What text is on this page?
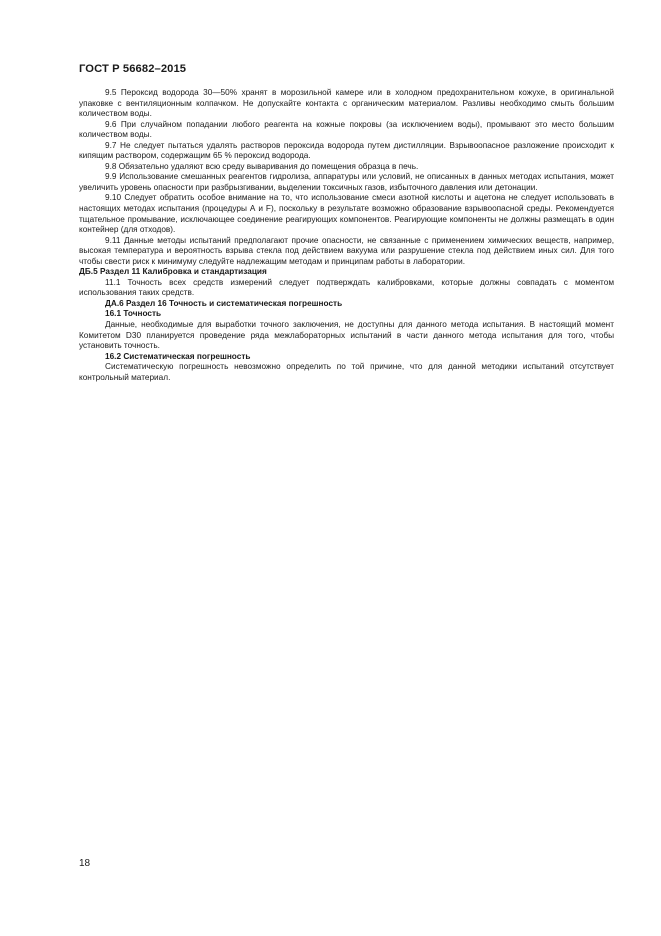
ГОСТ Р 56682–2015

9.5 Пероксид водорода 30—50% хранят в морозильной камере или в холодном предохранительном кожухе, в оригинальной упаковке с вентиляционным колпачком. Не допускайте контакта с органическим материалом. Разливы необходимо смыть большим количеством воды.

9.6 При случайном попадании любого реагента на кожные покровы (за исключением воды), промывают это место большим количеством воды.

9.7 Не следует пытаться удалять растворов пероксида водорода путем дистилляции. Взрывоопасное разложение происходит к кипящим раствором, содержащим 65 % пероксид водорода.

9.8 Обязательно удаляют всю среду вываривания до помещения образца в печь.

9.9 Использование смешанных реагентов гидролиза, аппаратуры или условий, не описанных в данных методах испытания, может увеличить уровень опасности при разбрызгивании, выделении токсичных газов, избыточного давления или детонации.

9.10 Следует обратить особое внимание на то, что использование смеси азотной кислоты и ацетона не следует использовать в настоящих методах испытания (процедуры А и F), поскольку в результате возможно образование взрывоопасной среды. Рекомендуется тщательное промывание, исключающее соединение реагирующих компонентов. Реагирующие компоненты не должны размещать в один контейнер (для отходов).

9.11 Данные методы испытаний предполагают прочие опасности, не связанные с применением химических веществ, например, высокая температура и вероятность взрыва стекла под действием вакуума или разрушение стекла под действием иных сил. Для того чтобы свести риск к минимуму следуйте надлежащим методам и принципам работы в лаборатории.

ДБ.5 Раздел 11 Калибровка и стандартизация

11.1 Точность всех средств измерений следует подтверждать калибровками, которые должны совпадать с моментом использования таких средств.

ДА.6 Раздел 16 Точность и систематическая погрешность

16.1 Точность

Данные, необходимые для выработки точного заключения, не доступны для данного метода испытания. В настоящий момент Комитетом D30 планируется проведение ряда межлабораторных испытаний в части данного метода испытания для того, чтобы установить точность.

16.2 Систематическая погрешность

Систематическую погрешность невозможно определить по той причине, что для данной методики испытаний отсутствует контрольный материал.

18
